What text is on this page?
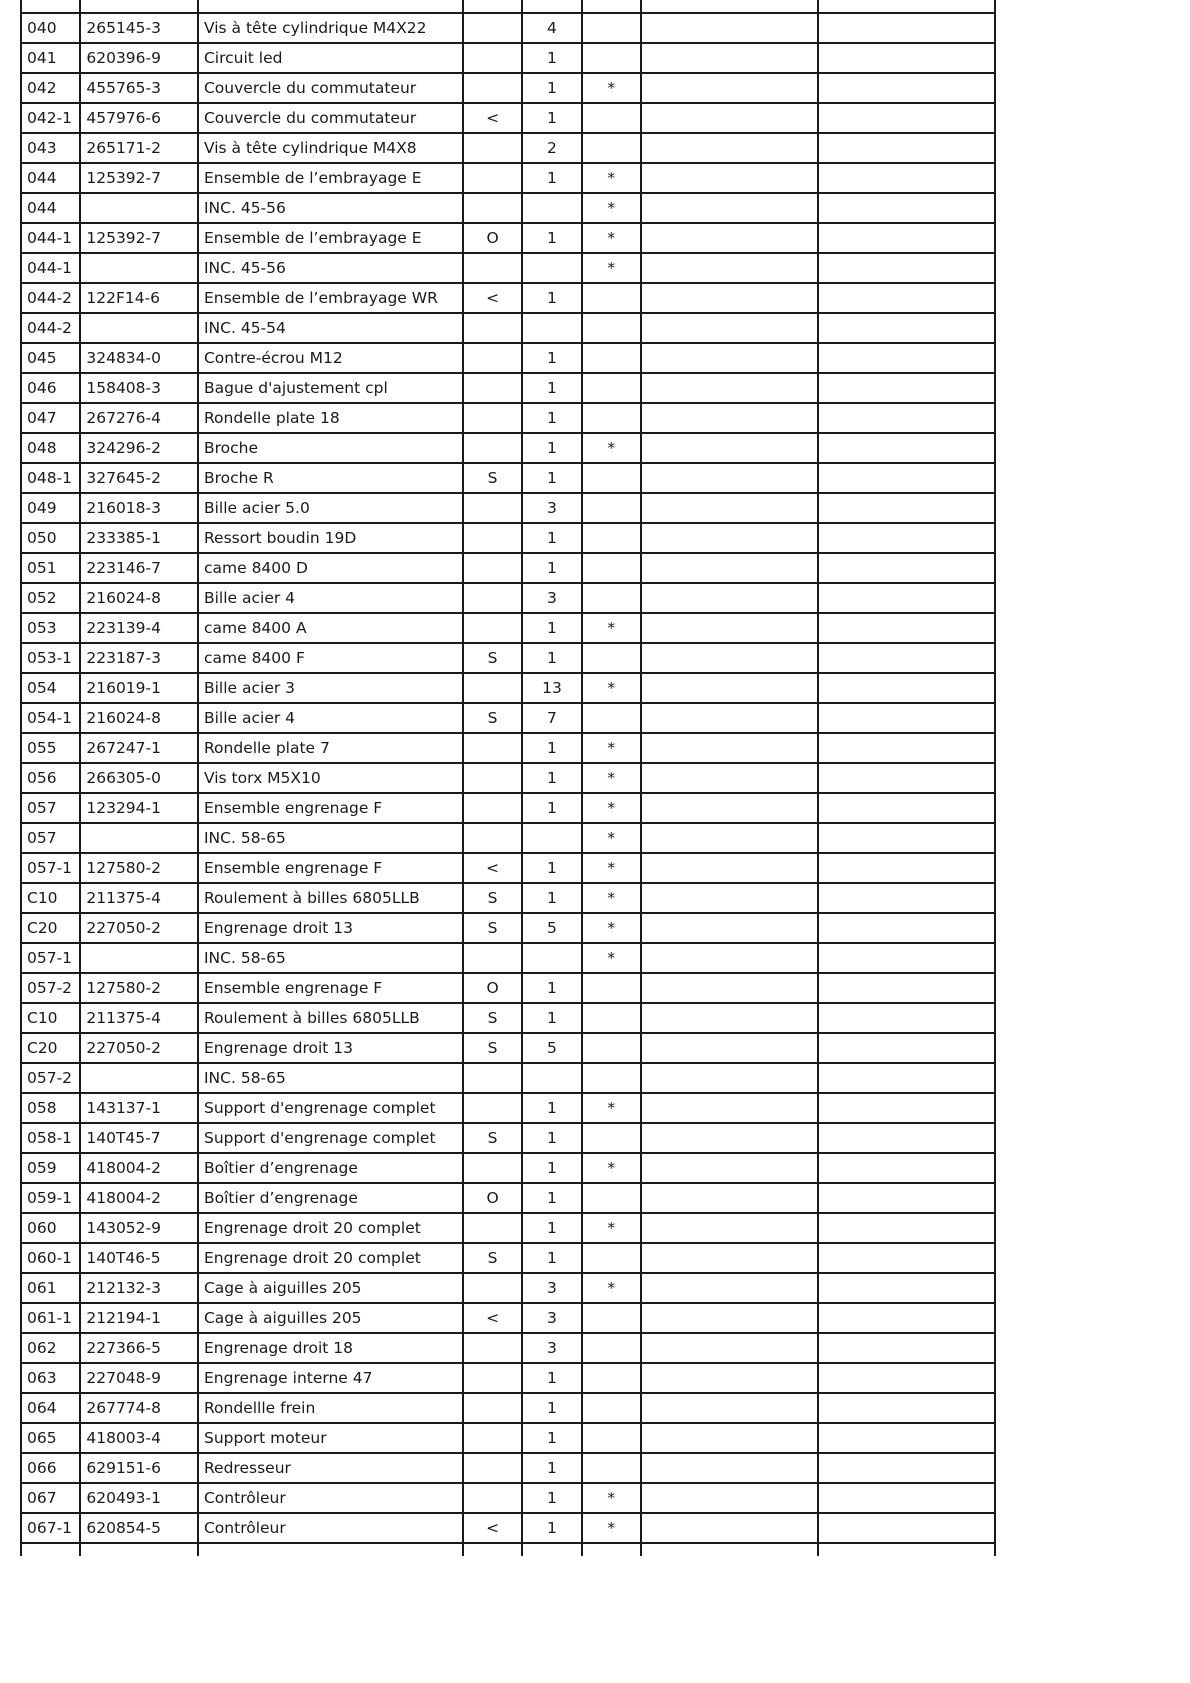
040	265145-3	Vis à tête cylindrique M4X22		4			
041	620396-9	Circuit led		1			
042	455765-3	Couvercle du commutateur		1	*		
042-1	457976-6	Couvercle du commutateur	<	1			
043	265171-2	Vis à tête cylindrique M4X8		2			
044	125392-7	Ensemble de l’embrayage E		1	*		
044		INC. 45-56			*		
044-1	125392-7	Ensemble de l’embrayage E	O	1	*		
044-1		INC. 45-56			*		
044-2	122F14-6	Ensemble de l’embrayage WR	<	1			
044-2		INC. 45-54					
045	324834-0	Contre-écrou M12		1			
046	158408-3	Bague d'ajustement cpl		1			
047	267276-4	Rondelle plate 18		1			
048	324296-2	Broche		1	*		
048-1	327645-2	Broche R	S	1			
049	216018-3	Bille acier 5.0		3			
050	233385-1	Ressort boudin 19D		1			
051	223146-7	came 8400 D		1			
052	216024-8	Bille acier 4		3			
053	223139-4	came 8400 A		1	*		
053-1	223187-3	came 8400 F	S	1			
054	216019-1	Bille acier 3		13	*		
054-1	216024-8	Bille acier 4	S	7			
055	267247-1	Rondelle plate 7		1	*		
056	266305-0	Vis torx M5X10		1	*		
057	123294-1	Ensemble engrenage F		1	*		
057		INC. 58-65			*		
057-1	127580-2	Ensemble engrenage F	<	1	*		
C10	211375-4	Roulement à billes 6805LLB	S	1	*		
C20	227050-2	Engrenage droit 13	S	5	*		
057-1		INC. 58-65			*		
057-2	127580-2	Ensemble engrenage F	O	1			
C10	211375-4	Roulement à billes 6805LLB	S	1			
C20	227050-2	Engrenage droit 13	S	5			
057-2		INC. 58-65					
058	143137-1	Support d'engrenage complet		1	*		
058-1	140T45-7	Support d'engrenage complet	S	1			
059	418004-2	Boîtier d’engrenage		1	*		
059-1	418004-2	Boîtier d’engrenage	O	1			
060	143052-9	Engrenage droit 20 complet		1	*		
060-1	140T46-5	Engrenage droit 20 complet	S	1			
061	212132-3	Cage à aiguilles 205		3	*		
061-1	212194-1	Cage à aiguilles 205	<	3			
062	227366-5	Engrenage droit 18		3			
063	227048-9	Engrenage interne 47		1			
064	267774-8	Rondellle frein		1			
065	418003-4	Support moteur		1			
066	629151-6	Redresseur		1			
067	620493-1	Contrôleur		1	*		
067-1	620854-5	Contrôleur	<	1	*		
